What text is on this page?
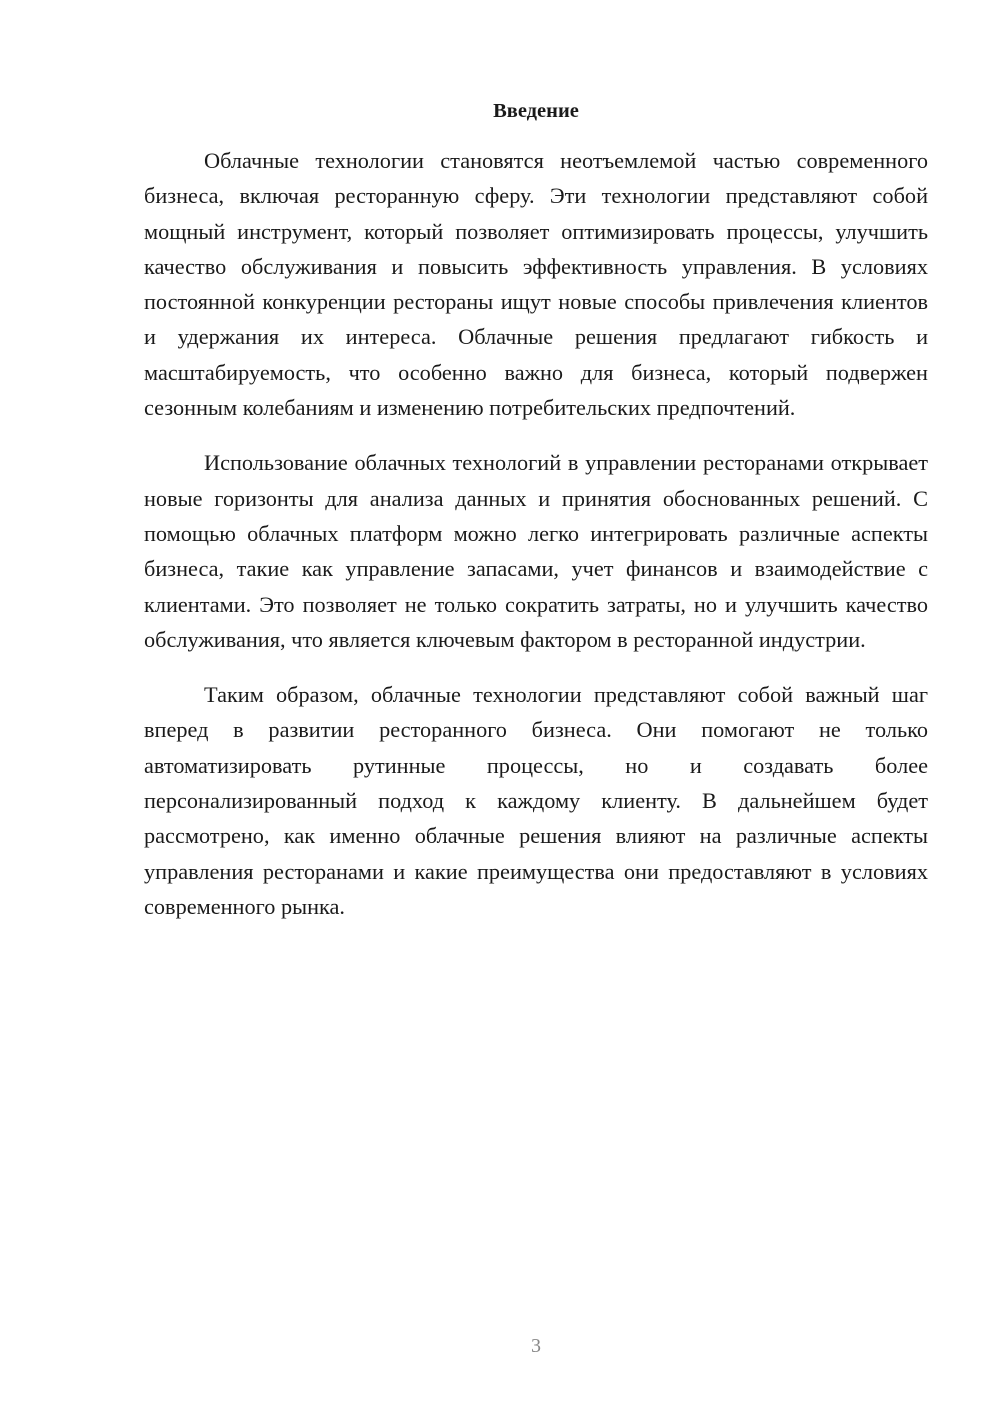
Введение

Облачные технологии становятся неотъемлемой частью современного бизнеса, включая ресторанную сферу. Эти технологии представляют собой мощный инструмент, который позволяет оптимизировать процессы, улучшить качество обслуживания и повысить эффективность управления. В условиях постоянной конкуренции рестораны ищут новые способы привлечения клиентов и удержания их интереса. Облачные решения предлагают гибкость и масштабируемость, что особенно важно для бизнеса, который подвержен сезонным колебаниям и изменению потребительских предпочтений.

Использование облачных технологий в управлении ресторанами открывает новые горизонты для анализа данных и принятия обоснованных решений. С помощью облачных платформ можно легко интегрировать различные аспекты бизнеса, такие как управление запасами, учет финансов и взаимодействие с клиентами. Это позволяет не только сократить затраты, но и улучшить качество обслуживания, что является ключевым фактором в ресторанной индустрии.

Таким образом, облачные технологии представляют собой важный шаг вперед в развитии ресторанного бизнеса. Они помогают не только автоматизировать рутинные процессы, но и создавать более персонализированный подход к каждому клиенту. В дальнейшем будет рассмотрено, как именно облачные решения влияют на различные аспекты управления ресторанами и какие преимущества они предоставляют в условиях современного рынка.

3
